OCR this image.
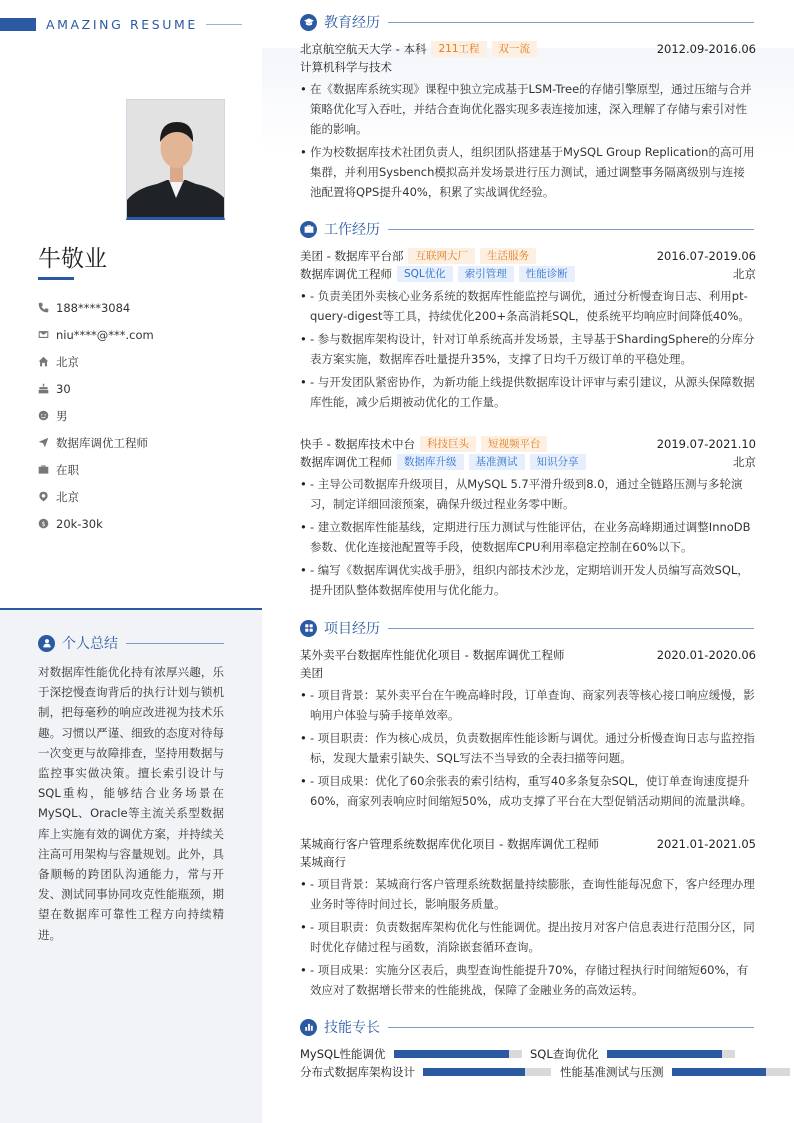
AMAZING RESUME
牛敬业
188****3084
niu****@***.com
北京
30
男
数据库调优工程师
在职
北京
$ 20k-30k
个人总结
对数据库性能优化持有浓厚兴趣，乐于深挖慢查询背后的执行计划与锁机制，把每毫秒的响应改进视为技术乐趣。习惯以严谨、细致的态度对待每一次变更与故障排查，坚持用数据与监控事实做决策。擅长索引设计与SQL重构，能够结合业务场景在MySQL、Oracle等主流关系型数据库上实施有效的调优方案，并持续关注高可用架构与容量规划。此外，具备顺畅的跨团队沟通能力，常与开发、测试同事协同攻克性能瓶颈，期望在数据库可靠性工程方向持续精进。
教育经历
北京航空航天大学 - 本科	211工程	双一流	2012.09-2016.06
计算机科学与技术
• 在《数据库系统实现》课程中独立完成基于LSM-Tree的存储引擎原型，通过压缩与合并策略优化写入吞吐，并结合查询优化器实现多表连接加速，深入理解了存储与索引对性能的影响。
• 作为校数据库技术社团负责人，组织团队搭建基于MySQL Group Replication的高可用集群，并利用Sysbench模拟高并发场景进行压力测试，通过调整事务隔离级别与连接池配置将QPS提升40%，积累了实战调优经验。
工作经历
美团 - 数据库平台部	互联网大厂	生活服务	2016.07-2019.06
数据库调优工程师	SQL优化	索引管理	性能诊断	北京
• - 负责美团外卖核心业务系统的数据库性能监控与调优，通过分析慢查询日志、利用pt-query-digest等工具，持续优化200+条高消耗SQL，使系统平均响应时间降低40%。
• - 参与数据库架构设计，针对订单系统高并发场景，主导基于ShardingSphere的分库分表方案实施，数据库吞吐量提升35%，支撑了日均千万级订单的平稳处理。
• - 与开发团队紧密协作，为新功能上线提供数据库设计评审与索引建议，从源头保障数据库性能，减少后期被动优化的工作量。
快手 - 数据库技术中台	科技巨头	短视频平台	2019.07-2021.10
数据库调优工程师	数据库升级	基准测试	知识分享	北京
• - 主导公司数据库升级项目，从MySQL 5.7平滑升级到8.0，通过全链路压测与多轮演习，制定详细回滚预案，确保升级过程业务零中断。
• - 建立数据库性能基线，定期进行压力测试与性能评估，在业务高峰期通过调整InnoDB参数、优化连接池配置等手段，使数据库CPU利用率稳定控制在60%以下。
• - 编写《数据库调优实战手册》，组织内部技术沙龙，定期培训开发人员编写高效SQL，提升团队整体数据库使用与优化能力。
项目经历
某外卖平台数据库性能优化项目 - 数据库调优工程师	2020.01-2020.06
美团
• - 项目背景：某外卖平台在午晚高峰时段，订单查询、商家列表等核心接口响应缓慢，影响用户体验与骑手接单效率。
• - 项目职责：作为核心成员，负责数据库性能诊断与调优。通过分析慢查询日志与监控指标，发现大量索引缺失、SQL写法不当导致的全表扫描等问题。
• - 项目成果：优化了60余张表的索引结构，重写40多条复杂SQL，使订单查询速度提升60%，商家列表响应时间缩短50%，成功支撑了平台在大型促销活动期间的流量洪峰。
某城商行客户管理系统数据库优化项目 - 数据库调优工程师	2021.01-2021.05
某城商行
• - 项目背景：某城商行客户管理系统数据量持续膨胀，查询性能每况愈下，客户经理办理业务时等待时间过长，影响服务质量。
• - 项目职责：负责数据库架构优化与性能调优。提出按月对客户信息表进行范围分区，同时优化存储过程与函数，消除嵌套循环查询。
• - 项目成果：实施分区表后，典型查询性能提升70%，存储过程执行时间缩短60%，有效应对了数据增长带来的性能挑战，保障了金融业务的高效运转。
技能专长
MySQL性能调优	SQL查询优化
分布式数据库架构设计	性能基准测试与压测
